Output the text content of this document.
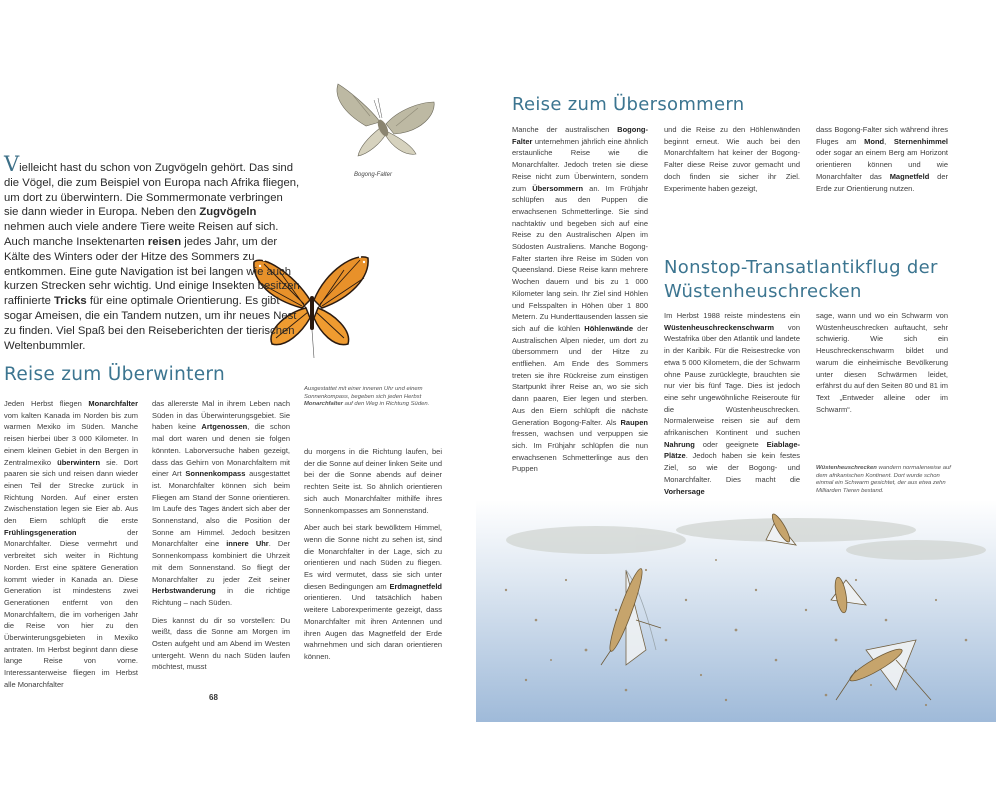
Bogong-Falter
Vielleicht hast du schon von Zugvögeln gehört. Das sind die Vögel, die zum Beispiel von Europa nach Afrika fliegen, um dort zu überwintern. Die Sommermonate verbringen sie dann wieder in Europa. Neben den Zugvögeln nehmen auch viele andere Tiere weite Reisen auf sich. Auch manche Insektenarten reisen jedes Jahr, um der Kälte des Winters oder der Hitze des Sommers zu entkommen. Eine gute Navigation ist bei langen wie auch kurzen Strecken sehr wichtig. Und einige Insekten besitzen raffinierte Tricks für eine optimale Orientierung. Es gibt sogar Ameisen, die ein Tandem nutzen, um ihr neues Nest zu finden. Viel Spaß bei den Reiseberichten der tierischen Weltenbummler.
Reise zum Überwintern
Jeden Herbst fliegen Monarchfalter vom kalten Kanada im Norden bis zum warmen Mexiko im Süden. Manche reisen hierbei über 3 000 Kilometer. In einem kleinen Gebiet in den Bergen in Zentralmexiko überwintern sie. Dort paaren sie sich und reisen dann wieder einen Teil der Strecke zurück in Richtung Norden. Auf einer ersten Zwischenstation legen sie Eier ab. Aus den Eiern schlüpft die erste Frühlingsgeneration der Monarchfalter. Diese vermehrt und verbreitet sich weiter in Richtung Norden. Erst eine spätere Generation kommt wieder in Kanada an. Diese Generation ist mindestens zwei Generationen entfernt von den Monarchfaltern, die im vorherigen Jahr die Reise von hier zu den Überwinterungsgebieten in Mexiko antraten. Im Herbst beginnt dann diese lange Reise von vorne. Interessanterweise fliegen im Herbst alle Monarchfalter
das allererste Mal in ihrem Leben nach Süden in das Überwinterungsgebiet. Sie haben keine Artgenossen, die schon mal dort waren und denen sie folgen könnten. Laborversuche haben gezeigt, dass das Gehirn von Monarchfaltern mit einer Art Sonnenkompass ausgestattet ist. Monarchfalter können sich beim Fliegen am Stand der Sonne orientieren. Im Laufe des Tages ändert sich aber der Sonnenstand, also die Position der Sonne am Himmel. Jedoch besitzen Monarchfalter eine innere Uhr. Der Sonnenkompass kombiniert die Uhrzeit mit dem Sonnenstand. So fliegt der Monarchfalter zu jeder Zeit seiner Herbstwanderung in die richtige Richtung – nach Süden.
Dies kannst du dir so vorstellen: Du weißt, dass die Sonne am Morgen im Osten aufgeht und am Abend im Westen untergeht. Wenn du nach Süden laufen möchtest, musst
Ausgestattet mit einer inneren Uhr und einem Sonnenkompass, begeben sich jeden Herbst Monarchfalter auf den Weg in Richtung Süden.
du morgens in die Richtung laufen, bei der die Sonne auf deiner linken Seite und bei der die Sonne abends auf deiner rechten Seite ist. So ähnlich orientieren sich auch Monarchfalter mithilfe ihres Sonnenkompasses am Sonnenstand.
Aber auch bei stark bewölktem Himmel, wenn die Sonne nicht zu sehen ist, sind die Monarchfalter in der Lage, sich zu orientieren und nach Süden zu fliegen. Es wird vermutet, dass sie sich unter diesen Bedingungen am Erdmagnetfeld orientieren. Und tatsächlich haben weitere Laborexperimente gezeigt, dass Monarchfalter mit ihren Antennen und ihren Augen das Magnetfeld der Erde wahrnehmen und sich daran orientieren können.
68
Reise zum Übersommern
Manche der australischen Bogong-Falter unternehmen jährlich eine ähnlich erstaunliche Reise wie die Monarchfalter. Jedoch treten sie diese Reise nicht zum Überwintern, sondern zum Übersommern an. Im Frühjahr schlüpfen aus den Puppen die erwachsenen Schmetterlinge. Sie sind nachtaktiv und begeben sich auf eine Reise zu den Australischen Alpen im Südosten Australiens. Manche Bogong-Falter starten ihre Reise im Süden von Queensland. Diese Reise kann mehrere Wochen dauern und bis zu 1 000 Kilometer lang sein. Ihr Ziel sind Höhlen und Felsspalten in Höhen über 1 800 Metern. Zu Hunderttausenden lassen sie sich auf die kühlen Höhlenwände der Australischen Alpen nieder, um dort zu übersommern und der Hitze zu entfliehen. Am Ende des Sommers treten sie ihre Rückreise zum einstigen Startpunkt ihrer Reise an, wo sie sich dann paaren, Eier legen und sterben. Aus den Eiern schlüpft die nächste Generation Bogong-Falter. Als Raupen fressen, wachsen und verpuppen sie sich. Im Frühjahr schlüpfen die nun erwachsenen Schmetterlinge aus den Puppen
und die Reise zu den Höhlenwänden beginnt erneut. Wie auch bei den Monarchfaltern hat keiner der Bogong-Falter diese Reise zuvor gemacht und doch finden sie sicher ihr Ziel. Experimente haben gezeigt,
dass Bogong-Falter sich während ihres Fluges am Mond, Sternenhimmel oder sogar an einem Berg am Horizont orientieren können und wie Monarchfalter das Magnetfeld der Erde zur Orientierung nutzen.
Nonstop-Transatlantikflug der Wüstenheuschrecken
Im Herbst 1988 reiste mindestens ein Wüstenheuschreckenschwarm von Westafrika über den Atlantik und landete in der Karibik. Für die Reisestrecke von etwa 5 000 Kilometern, die der Schwarm ohne Pause zurücklegte, brauchten sie nur vier bis fünf Tage. Dies ist jedoch eine sehr ungewöhnliche Reiseroute für die Wüstenheuschrecken. Normalerweise reisen sie auf dem afrikanischen Kontinent und suchen Nahrung oder geeignete Eiablage-Plätze. Jedoch haben sie kein festes Ziel, so wie der Bogong- und Monarchfalter. Dies macht die Vorhersage
sage, wann und wo ein Schwarm von Wüstenheuschrecken auftaucht, sehr schwierig. Wie sich ein Heuschreckenschwarm bildet und warum die einheimische Bevölkerung unter diesen Schwärmen leidet, erfährst du auf den Seiten 80 und 81 im Text „Entweder alleine oder im Schwarm“.
Wüstenheuschrecken wandern normalerweise auf dem afrikanischen Kontinent. Dort wurde schon einmal ein Schwarm gesichtet, der aus etwa zehn Milliarden Tieren bestand.
